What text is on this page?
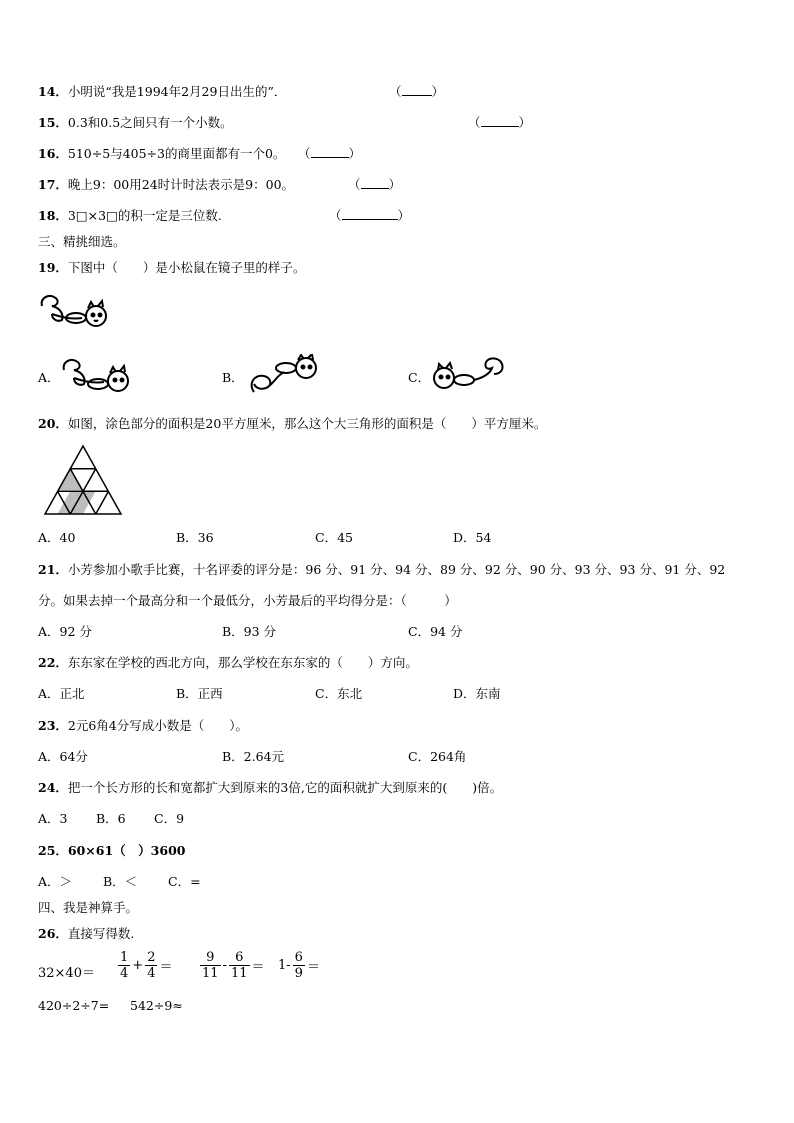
14．小明说“我是1994年2月29日出生的”．	（ ）
15．0.3和0.5之间只有一个小数。	（	）
16．510÷5与405÷3的商里面都有一个0。 （	）
17．晚上9：00用24时计时法表示是9：00。	（ ）
18．3□×3□的积一定是三位数.	（	）
三、精挑细选。
19．下图中（　　）是小松鼠在镜子里的样子。
A．	B．	C．
20．如图，涂色部分的面积是20平方厘米，那么这个大三角形的面积是（　　）平方厘米。
A．40	B．36	C．45	D．54
21．小芳参加小歌手比赛，十名评委的评分是：96 分、91 分、94 分、89 分、92 分、90 分、93 分、93 分、91 分、92
分。如果去掉一个最高分和一个最低分，小芳最后的平均得分是：（　　　）
A．92 分	B．93 分	C．94 分
22．东东家在学校的西北方向，那么学校在东东家的（　　）方向。
A．正北	B．正西	C．东北	D．东南
23．2元6角4分写成小数是（　　）。
A．64分	B．2.64元	C．264角
24．把一个长方形的长和宽都扩大到原来的3倍,它的面积就扩大到原来的(　　)倍。
A．3 B．6 C．9
25．60×61（　）3600
A．＞ B．＜ C．=
四、我是神算手。
26．直接写得数.
$32\times 40= \frac{1}{4} + \frac{2}{4} = \frac{9}{11} - \frac{6}{11} = 1- \frac{6}{9}$ ＝
420÷2÷7= 542÷9≈
